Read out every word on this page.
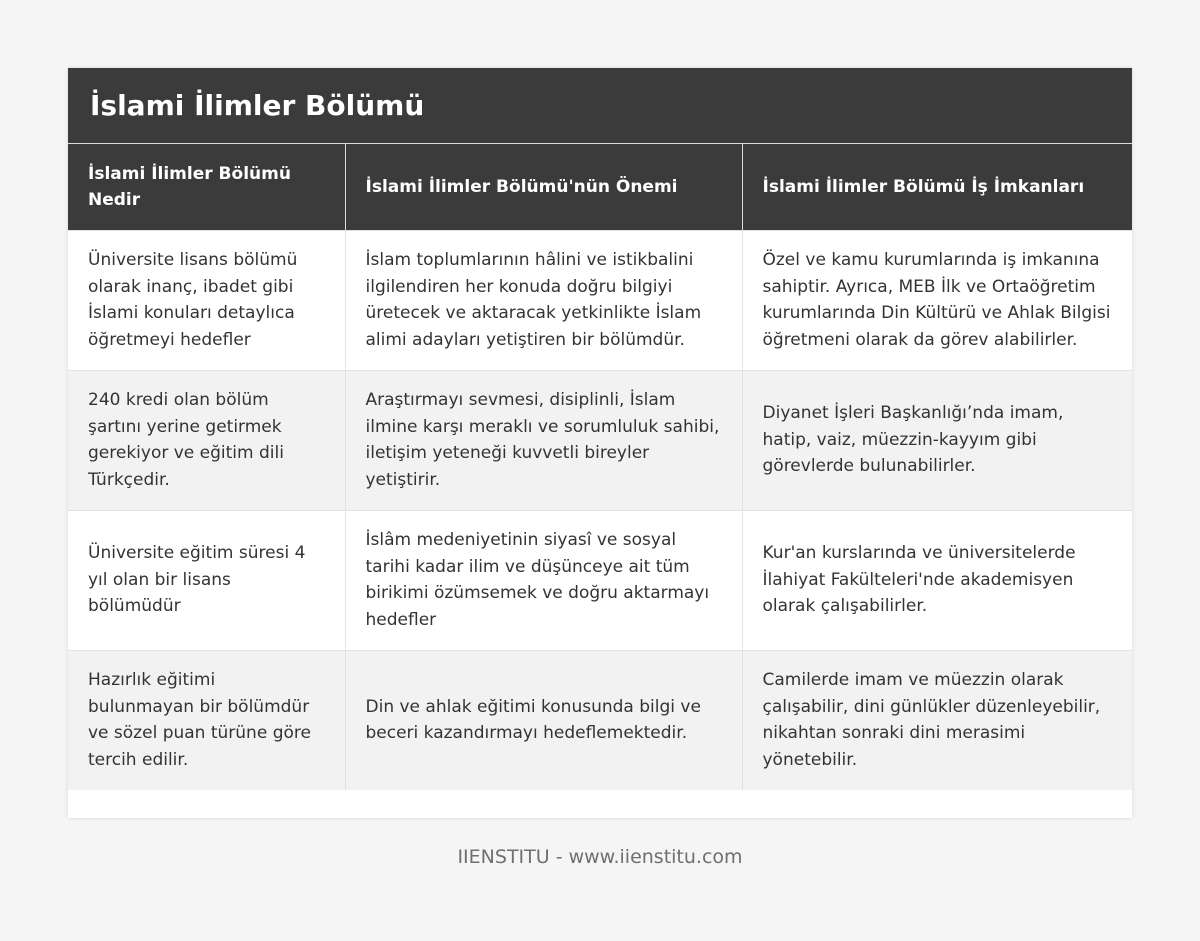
İslami İlimler Bölümü
İslami İlimler Bölümü Nedir	İslami İlimler Bölümü'nün Önemi	İslami İlimler Bölümü İş İmkanları
Üniversite lisans bölümü olarak inanç, ibadet gibi İslami konuları detaylıca öğretmeyi hedefler	İslam toplumlarının hâlini ve istikbalini ilgilendiren her konuda doğru bilgiyi üretecek ve aktaracak yetkinlikte İslam alimi adayları yetiştiren bir bölümdür.	Özel ve kamu kurumlarında iş imkanına sahiptir. Ayrıca, MEB İlk ve Ortaöğretim kurumlarında Din Kültürü ve Ahlak Bilgisi öğretmeni olarak da görev alabilirler.
240 kredi olan bölüm şartını yerine getirmek gerekiyor ve eğitim dili Türkçedir.	Araştırmayı sevmesi, disiplinli, İslam ilmine karşı meraklı ve sorumluluk sahibi, iletişim yeteneği kuvvetli bireyler yetiştirir.	Diyanet İşleri Başkanlığı’nda imam, hatip, vaiz, müezzin-kayyım gibi görevlerde bulunabilirler.
Üniversite eğitim süresi 4 yıl olan bir lisans bölümüdür	İslâm medeniyetinin siyasî ve sosyal tarihi kadar ilim ve düşünceye ait tüm birikimi özümsemek ve doğru aktarmayı hedefler	Kur'an kurslarında ve üniversitelerde İlahiyat Fakülteleri'nde akademisyen olarak çalışabilirler.
Hazırlık eğitimi bulunmayan bir bölümdür ve sözel puan türüne göre tercih edilir.	Din ve ahlak eğitimi konusunda bilgi ve beceri kazandırmayı hedeflemektedir.	Camilerde imam ve müezzin olarak çalışabilir, dini günlükler düzenleyebilir, nikahtan sonraki dini merasimi yönetebilir.
IIENSTITU - www.iienstitu.com
